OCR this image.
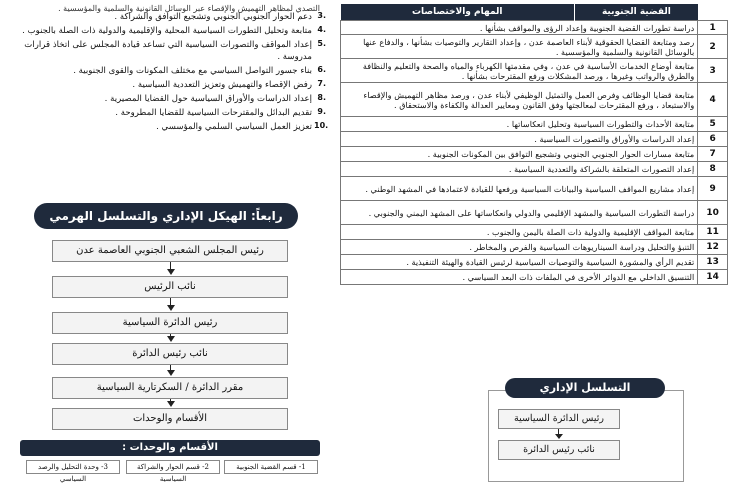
التصدي لمظاهر التهميش والإقصاء عبر الوسائل القانونية والسلمية والمؤسسية .
3.
دعم الحوار الجنوبي الجنوبي وتشجيع التوافق والشراكة .
4.
متابعة وتحليل التطورات السياسية المحلية والإقليمية والدولية ذات الصلة بالجنوب .
5.
إعداد المواقف والتصورات السياسية التي تساعد قيادة المجلس على اتخاذ قرارات مدروسة .
6.
بناء جسور التواصل السياسي مع مختلف المكونات والقوى الجنوبية .
7.
رفض الإقصاء والتهميش وتعزيز التعددية السياسية .
8.
إعداد الدراسات والأوراق السياسية حول القضايا المصيرية .
9.
تقديم البدائل والمقترحات السياسية للقضايا المطروحة .
10.
تعزيز العمل السياسي السلمي والمؤسسي .
رابعاً: الهيكل الإداري والتسلسل الهرمي
رئيس المجلس الشعبي الجنوبي العاصمة عدن
نائب الرئيس
رئيس الدائرة السياسية
نائب رئيس الدائرة
مقرر الدائرة / السكرتارية السياسية
الأقسام والوحدات
الأقسام والوحدات :
1- قسم القضية الجنوبية
2- قسم الحوار والشراكة السياسية
3- وحدة التحليل والرصد السياسي
المهام والاختصاصات	القضية الجنوبية	
دراسة تطورات القضية الجنوبية وإعداد الرؤى والمواقف بشأنها .		1
رصد ومتابعة القضايا الحقوقية لأبناء العاصمة عدن ، وإعداد التقارير والتوصيات بشأنها ، والدفاع عنها بالوسائل القانونية والسلمية والمؤسسية .		2
متابعة أوضاع الخدمات الأساسية في عدن ، وفي مقدمتها الكهرباء والمياه والصحة والتعليم والنظافة والطرق والرواتب وغيرها ، ورصد المشكلات ورفع المقترحات بشأنها .		3
متابعة قضايا الوظائف وفرص العمل والتمثيل الوظيفي لأبناء عدن ، ورصد مظاهر التهميش والإقصاء والاستبعاد ، ورفع المقترحات لمعالجتها وفق القانون ومعايير العدالة والكفاءة والاستحقاق .		4
متابعة الأحداث والتطورات السياسية وتحليل انعكاساتها .		5
إعداد الدراسات والأوراق والتصورات السياسية .		6
متابعة مسارات الحوار الجنوبي الجنوبي وتشجيع التوافق بين المكونات الجنوبية .		7
إعداد التصورات المتعلقة بالشراكة والتعددية السياسية .		8
إعداد مشاريع المواقف السياسية والبيانات السياسية ورفعها للقيادة لاعتمادها في المشهد الوطني .		9
دراسة التطورات السياسية والمشهد الإقليمي والدولي وانعكاساتها على المشهد اليمني والجنوبي .		10
متابعة المواقف الإقليمية والدولية ذات الصلة باليمن والجنوب .		11
التنبؤ والتحليل ودراسة السيناريوهات السياسية والفرص والمخاطر .		12
تقديم الرأي والمشورة السياسية والتوصيات السياسية لرئيس القيادة والهيئة التنفيذية .		13
التنسيق الداخلي مع الدوائر الأخرى في الملفات ذات البعد السياسي .		14
التسلسل الإداري
رئيس الدائرة السياسية
نائب رئيس الدائرة
